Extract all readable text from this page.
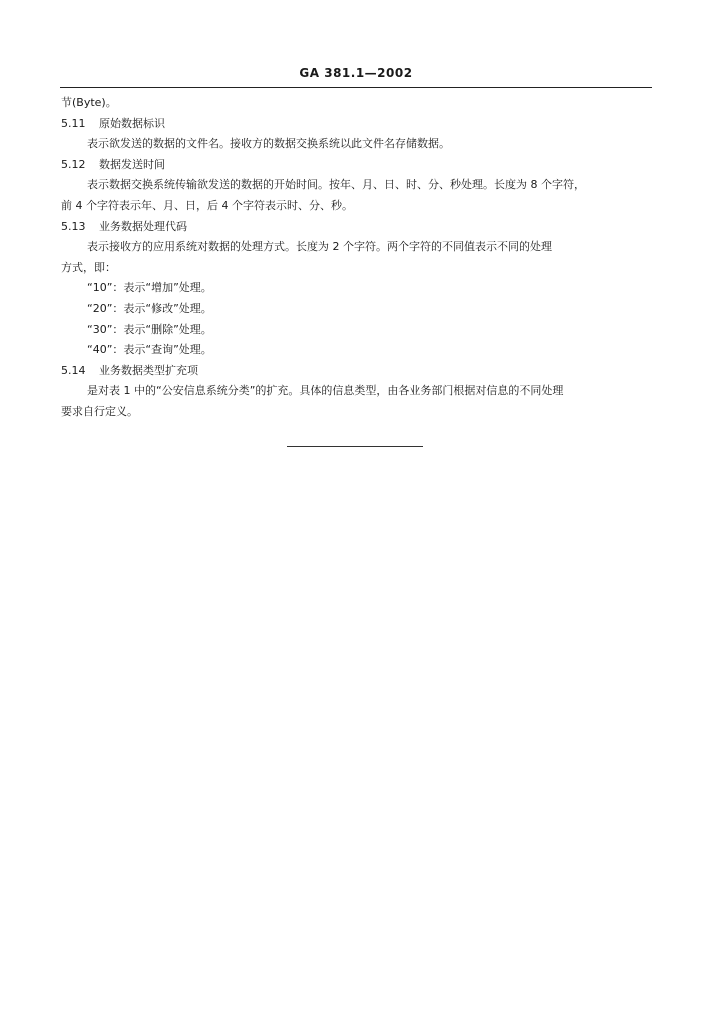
GA 381.1—2002
节(Byte)。
5.11 原始数据标识
表示欲发送的数据的文件名。接收方的数据交换系统以此文件名存储数据。
5.12 数据发送时间
表示数据交换系统传输欲发送的数据的开始时间。按年、月、日、时、分、秒处理。长度为 8 个字符，
前 4 个字符表示年、月、日，后 4 个字符表示时、分、秒。
5.13 业务数据处理代码
表示接收方的应用系统对数据的处理方式。长度为 2 个字符。两个字符的不同值表示不同的处理
方式，即：
“10”：表示“增加”处理。
“20”：表示“修改”处理。
“30”：表示“删除”处理。
“40”：表示“查询”处理。
5.14 业务数据类型扩充项
是对表 1 中的“公安信息系统分类”的扩充。具体的信息类型，由各业务部门根据对信息的不同处理
要求自行定义。
